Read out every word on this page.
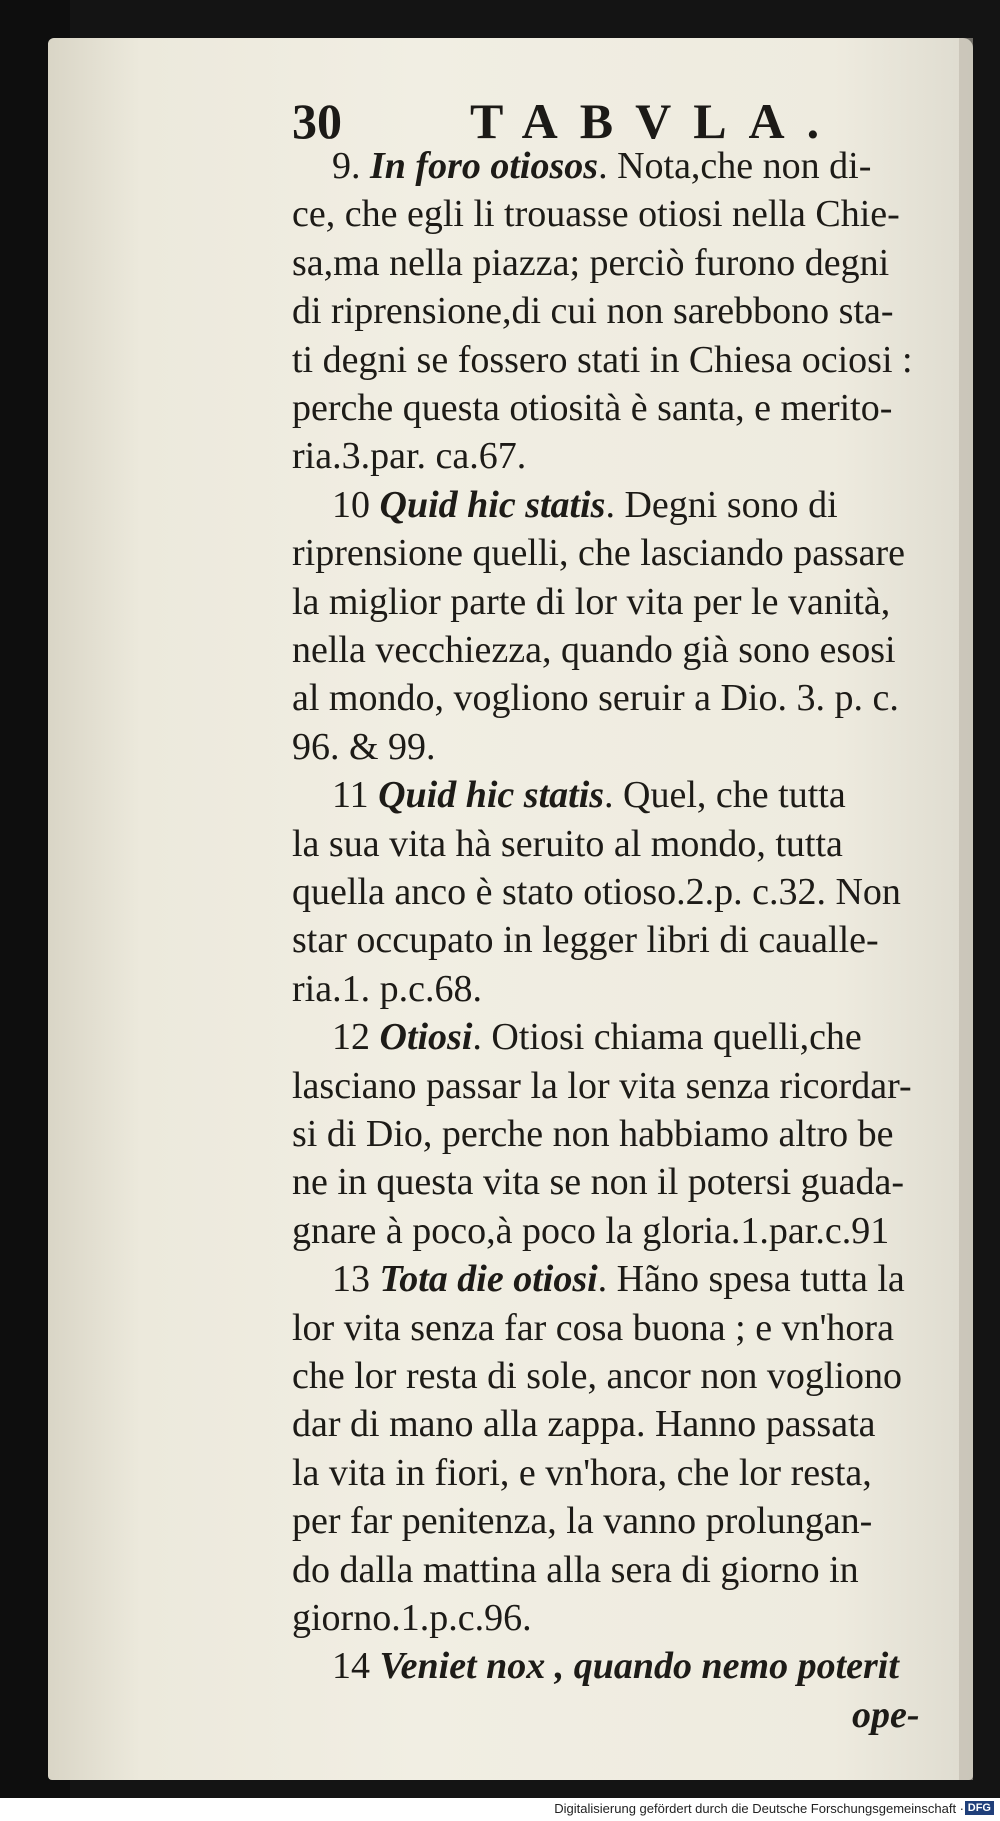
30	TABVLA.
9. In foro otiosos. Nota,che non di-
ce, che egli li trouasse otiosi nella Chie-
sa,ma nella piazza; perciò furono degni
di riprensione,di cui non sarebbono sta-
ti degni se fossero stati in Chiesa ociosi :
perche questa otiosità è santa, e merito-
ria.3.par. ca.67.
10 Quid hic statis. Degni sono di
riprensione quelli, che lasciando passare
la miglior parte di lor vita per le vanità,
nella vecchiezza, quando già sono esosi
al mondo, vogliono seruir a Dio. 3. p. c.
96. & 99.
11 Quid hic statis. Quel, che tutta
la sua vita hà seruito al mondo, tutta
quella anco è stato otioso.2.p. c.32. Non
star occupato in legger libri di caualle-
ria.1. p.c.68.
12 Otiosi. Otiosi chiama quelli,che
lasciano passar la lor vita senza ricordar-
si di Dio, perche non habbiamo altro be
ne in questa vita se non il potersi guada-
gnare à poco,à poco la gloria.1.par.c.91
13 Tota die otiosi. Hãno spesa tutta la
lor vita senza far cosa buona ; e vn'hora
che lor resta di sole, ancor non vogliono
dar di mano alla zappa. Hanno passata
la vita in fiori, e vn'hora, che lor resta,
per far penitenza, la vanno prolungan-
do dalla mattina alla sera di giorno in
giorno.1.p.c.96.
14 Veniet nox , quando nemo poterit
ope-
Digitalisierung gefördert durch die Deutsche Forschungsgemeinschaft · DFG
